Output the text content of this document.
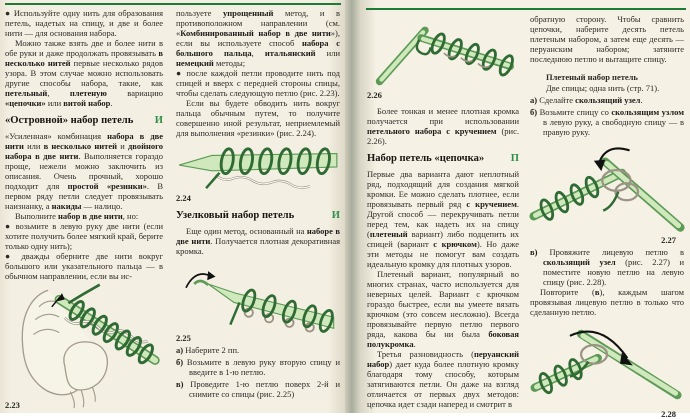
● Используйте одну нить для образования петель, надетых на спицу, и две и более нити — для основания набора.

Можно также взять две и более нити в обе руки и даже продолжать провязывать в несколько нитей первые несколько рядов узора. В этом случае можно использовать другие способы набора, такие, как петельный, плетеную вариацию «цепочки» или витой набор.

«Островной» набор петель И

«Усиленная» комбинация набора в две нити или в несколько нитей и двойного набора в две нити. Выполняется гораздо проще, нежели можно заключить из описания. Очень прочный, хорошо подходит для простой «резинки». В первом ряду петли следует провязывать наизнанку, а накиды — налицо.

Выполните набор в две нити, но:

● возьмите в левую руку две нити (если хотите получить более мягкий край, берите только одну нить);

● дважды оберните две нити вокруг большого или указательного пальца — в обычном направлении, если вы ис-

2.23

пользуете упрощенный метод, и в противоположном направлении (см. «Комбинированный набор в две нити»), если вы используете способ набора с большого пальца, итальянский или немецкий методы;

● после каждой петли проводите нить под спицей и вверх с передней стороны спицы, чтобы сделать следующую петлю (рис. 2.23).

Если вы будете обводить нить вокруг пальца обычным путем, то получите совершенно иной результат, неприемлемый для выполнения «резинки» (рис. 2.24).

2.24
Узелковый набор петель	И

Еще один метод, основанный на наборе в две нити. Получается плотная декоративная кромка.

2.25
а) Наберите 2 пп.
б) Возьмите в левую руку вторую спицу и введите в 1-ю петлю.
в) Проведите 1-ю петлю поверх 2-й и снимите со спицы (рис. 2.25)
2.26

Более тонкая и менее плотная кромка получается при использовании петельного набора с кручением (рис. 2.26).

Набор петель «цепочка»	П

Первые два варианта дают неплотный ряд, подходящий для создания мягкой кромки. Ее можно сделать плотнее, если провязывать первый ряд с кручением. Другой способ — перекручивать петли перед тем, как надеть их на спицу (плетеный вариант) либо подцепить их спицей (вариант с крючком). Но даже эти методы не помогут вам создать идеальную кромку для плотных узоров.

Плетеный вариант, популярный во многих странах, часто используется для неверных целей. Вариант с крючком гораздо быстрее, если вы умеете вязать крючком (это совсем несложно). Всегда провязывайте первую петлю первого ряда, какова бы ни была боковая полукромка.

Третья разновидность (перуанский набор) дает куда более плотную кромку благодаря тому способу, которым затягиваются петли. Он даже на взгляд отличается от первых двух методов: цепочка идет сзади наперед и смотрит в

обратную сторону. Чтобы сравнить цепочки, наберите десять петель плетеным набором, а затем еще десять — перуанским набором; затяните последнюю петлю и вытащите спицу.

Плетеный набор петель
Две спицы; одна нить (стр. 71).
а) Сделайте скользящий узел.
б) Возьмите спицу со скользящим узлом в левую руку, а свободную спицу — в правую руку.
2.27
в) Провяжите лицевую петлю в скользящий узел (рис. 2.27) и поместите новую петлю на левую спицу (рис. 2.28).

Повторите (в), каждым шагом провязывая лицевую петлю в только что сделанную петлю.

2.28
